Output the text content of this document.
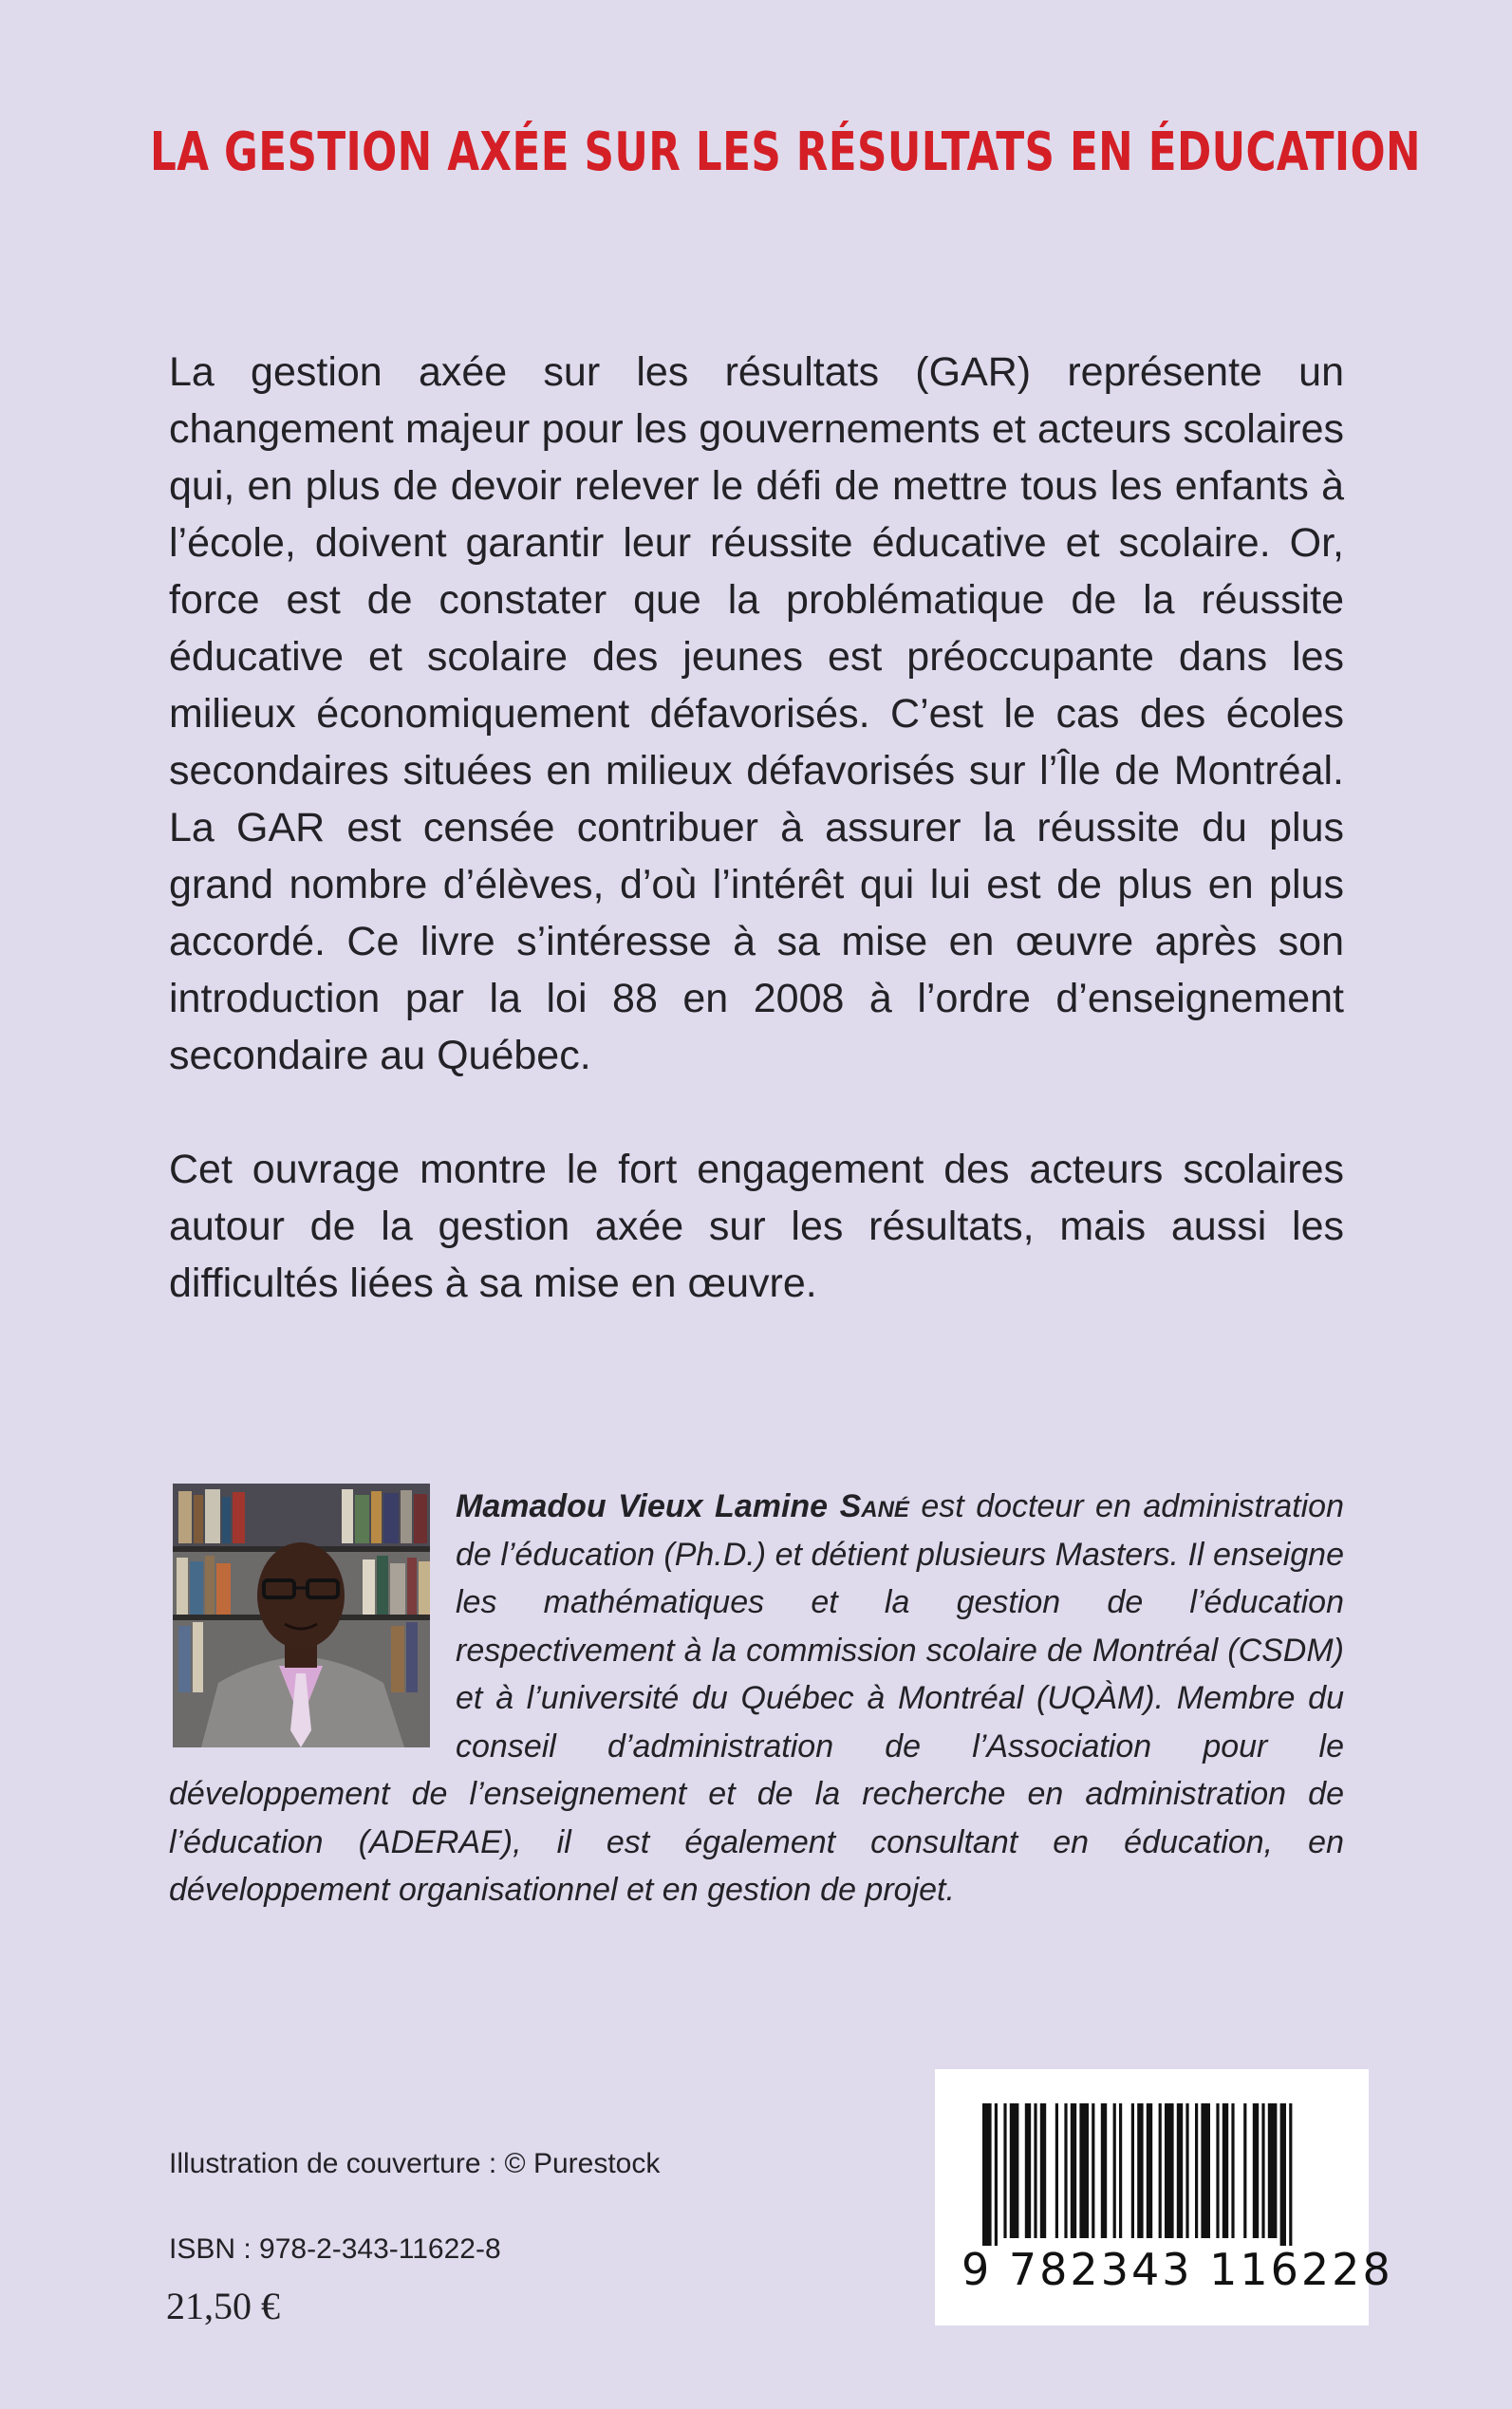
LA GESTION AXÉE SUR LES RÉSULTATS EN ÉDUCATION

La gestion axée sur les résultats (GAR) représente un changement majeur pour les gouvernements et acteurs scolaires qui, en plus de devoir relever le défi de mettre tous les enfants à l’école, doivent garantir leur réussite éducative et scolaire. Or, force est de constater que la problématique de la réussite éducative et scolaire des jeunes est préoccupante dans les milieux économiquement défavorisés. C’est le cas des écoles secondaires situées en milieux défavorisés sur l’Île de Montréal. La GAR est censée contribuer à assurer la réussite du plus grand nombre d’élèves, d’où l’intérêt qui lui est de plus en plus accordé. Ce livre s’intéresse à sa mise en œuvre après son introduction par la loi 88 en 2008 à l’ordre d’enseignement secondaire au Québec.

Cet ouvrage montre le fort engagement des acteurs scolaires autour de la gestion axée sur les résultats, mais aussi les difficultés liées à sa mise en œuvre.

Mamadou Vieux Lamine Sané est docteur en administration de l’éducation (Ph.D.) et détient plusieurs Masters. Il enseigne les mathématiques et la gestion de l’éducation respectivement à la commission scolaire de Montréal (CSDM) et à l’université du Québec à Montréal (UQÀM). Membre du conseil d’administration de l’Association pour le développement de l’enseignement et de la recherche en administration de l’éducation (ADERAE), il est également consultant en éducation, en développement organisationnel et en gestion de projet.

Illustration de couverture : © Purestock

ISBN : 978-2-343-11622-8

21,50 €

9 782343 116228
